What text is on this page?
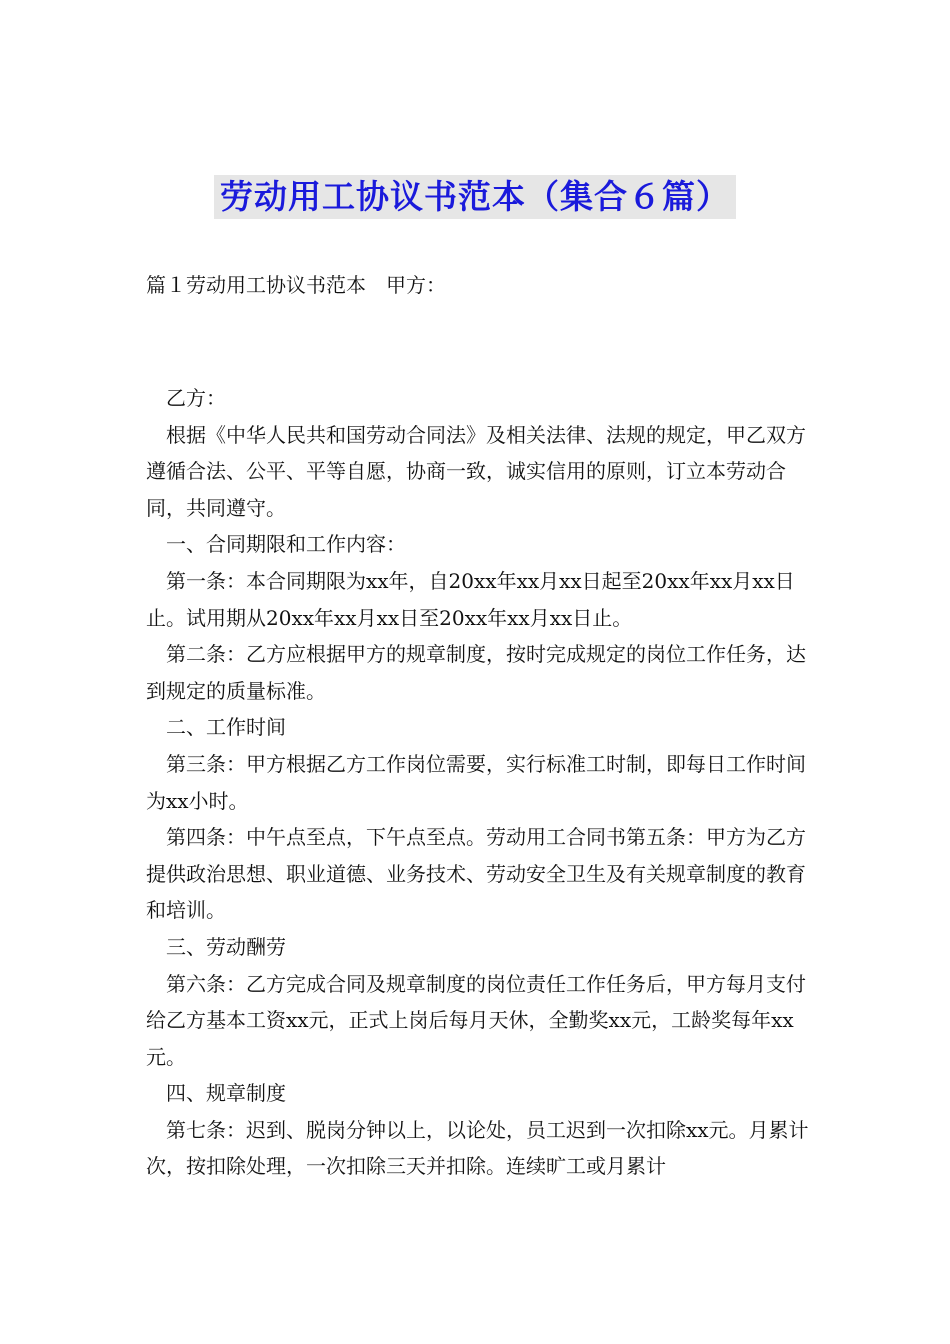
劳动用工协议书范本（集合６篇）
篇１劳动用工协议书范本　甲方：

乙方：

根据《中华人民共和国劳动合同法》及相关法律、法规的规定，甲乙双方遵循合法、公平、平等自愿，协商一致，诚实信用的原则，订立本劳动合同，共同遵守。

一、合同期限和工作内容：

第一条：本合同期限为xx年，自20xx年xx月xx日起至20xx年xx月xx日止。试用期从20xx年xx月xx日至20xx年xx月xx日止。

第二条：乙方应根据甲方的规章制度，按时完成规定的岗位工作任务，达到规定的质量标准。

二、工作时间

第三条：甲方根据乙方工作岗位需要，实行标准工时制，即每日工作时间为xx小时。

第四条：中午点至点，下午点至点。劳动用工合同书第五条：甲方为乙方提供政治思想、职业道德、业务技术、劳动安全卫生及有关规章制度的教育和培训。

三、劳动酬劳

第六条：乙方完成合同及规章制度的岗位责任工作任务后，甲方每月支付给乙方基本工资xx元，正式上岗后每月天休，全勤奖xx元，工龄奖每年xx元。

四、规章制度

第七条：迟到、脱岗分钟以上，以论处，员工迟到一次扣除xx元。月累计次，按扣除处理，一次扣除三天并扣除。连续旷工或月累计
